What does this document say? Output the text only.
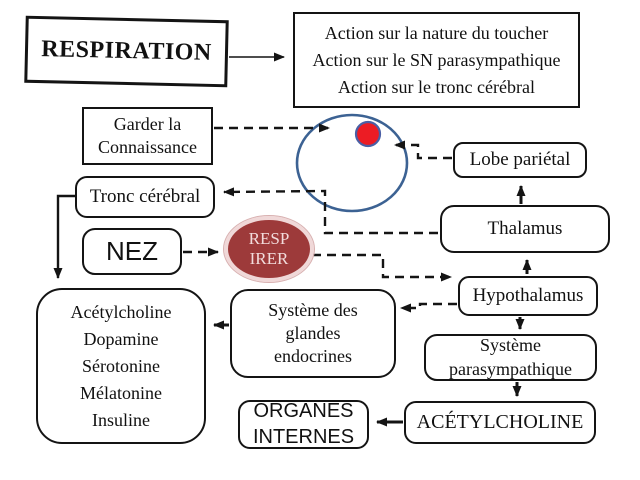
RESPIRATION
Action sur la nature du toucher
Action sur le SN parasympathique
Action sur le tronc cérébral
Garder la
Connaissance
Lobe pariétal
Tronc cérébral
NEZ	RESP
IRER
Thalamus
Hypothalamus
Système des
glandes
endocrines
Acétylcholine
Dopamine
Sérotonine
Mélatonine
Insuline
Système
parasympathique
ORGANES
INTERNES
ACÉTYLCHOLINE
